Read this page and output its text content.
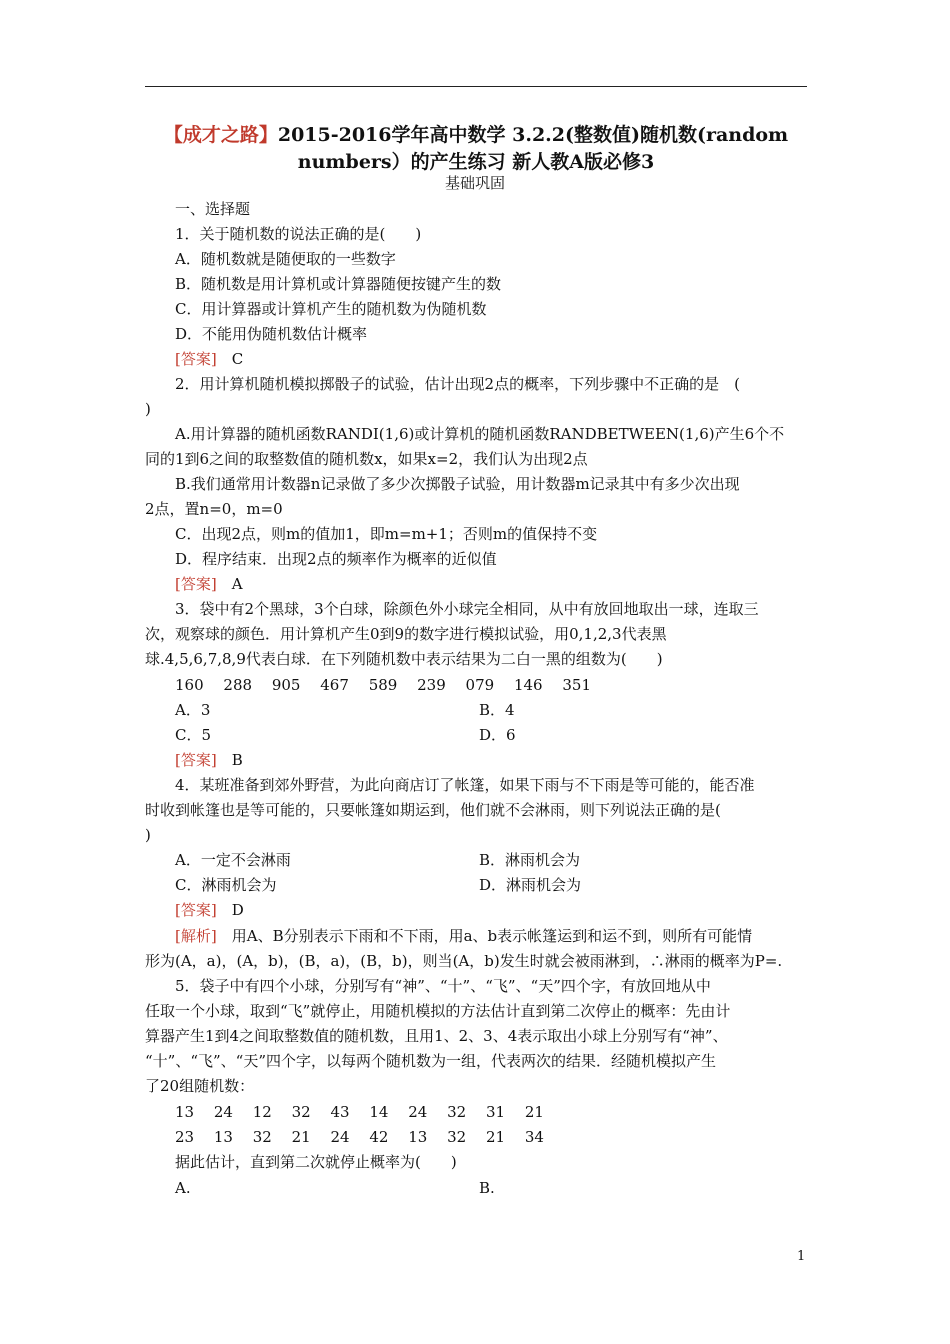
【成才之路】2015-2016学年高中数学 3.2.2(整数值)随机数(random
numbers）的产生练习 新人教A版必修3
基础巩固
一、选择题
1．关于随机数的说法正确的是(　　)
A．随机数就是随便取的一些数字
B．随机数是用计算机或计算器随便按键产生的数
C．用计算器或计算机产生的随机数为伪随机数
D．不能用伪随机数估计概率
[答案]　 C
2．用计算机随机模拟掷骰子的试验，估计出现2点的概率，下列步骤中不正确的是　(
)
A.用计算器的随机函数RANDI(1,6)或计算机的随机函数RANDBETWEEN(1,6)产生6个不
同的1到6之间的取整数值的随机数x，如果x=2，我们认为出现2点
B.我们通常用计数器n记录做了多少次掷骰子试验，用计数器m记录其中有多少次出现
2点，置n=0，m=0
C．出现2点，则m的值加1，即m=m+1；否则m的值保持不变
D．程序结束．出现2点的频率作为概率的近似值
[答案]　 A
3．袋中有2个黑球，3个白球，除颜色外小球完全相同，从中有放回地取出一球，连取三
次，观察球的颜色．用计算机产生0到9的数字进行模拟试验，用0,1,2,3代表黑
球.4,5,6,7,8,9代表白球．在下列随机数中表示结果为二白一黑的组数为(　　)
160　 288　 905　 467　 589　 239　 079　 146　 351
A．3	B．4
C．5	D．6
[答案]　 B
4．某班准备到郊外野营，为此向商店订了帐篷，如果下雨与不下雨是等可能的，能否准
时收到帐篷也是等可能的，只要帐篷如期运到，他们就不会淋雨，则下列说法正确的是(
)
A．一定不会淋雨	B．淋雨机会为
C．淋雨机会为	D．淋雨机会为
[答案]　 D
[解析]　 用A、B分别表示下雨和不下雨，用a、b表示帐篷运到和运不到，则所有可能情
形为(A，a)，(A，b)，(B，a)，(B，b)，则当(A，b)发生时就会被雨淋到，∴淋雨的概率为P=.
5．袋子中有四个小球，分别写有“神”、“十”、“飞”、“天”四个字，有放回地从中
任取一个小球，取到“飞”就停止，用随机模拟的方法估计直到第二次停止的概率：先由计
算器产生1到4之间取整数值的随机数，且用1、2、3、4表示取出小球上分别写有“神”、
“十”、“飞”、“天”四个字，以每两个随机数为一组，代表两次的结果．经随机模拟产生
了20组随机数：
13　 24　 12　 32　 43　 14　 24　 32　 31　 21
23　 13　 32　 21　 24　 42　 13　 32　 21　 34
据此估计，直到第二次就停止概率为(　　)
A.	B.
1
